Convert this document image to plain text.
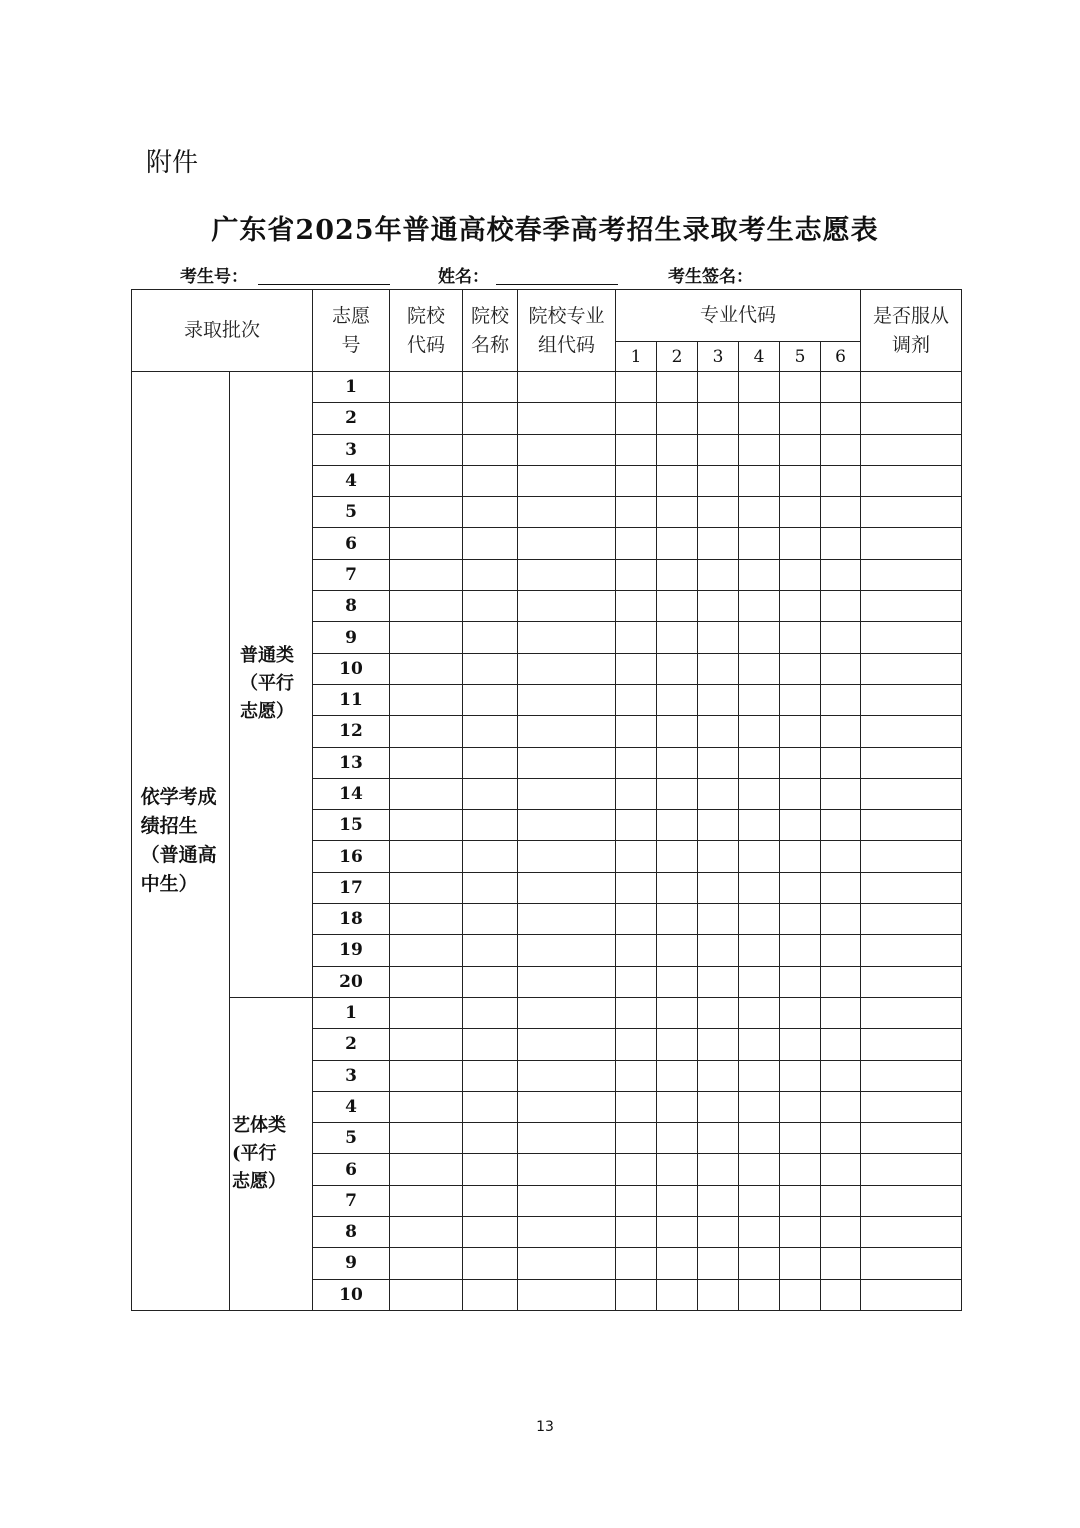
附件
广东省2025年普通高校春季高考招生录取考生志愿表
考生号：	姓名：	考生签名：
录取批次		志愿号	院校代码	院校名称	院校专业组代码	专业代码						是否服从调剂

						1	2	3	4	5	6	

依学考成绩招生（普通高中生）	普通类（平行志愿）	1										
		2										
		3										
		4										
		5										
		6										
		7										
		8										
		9										
		10										
		11										
		12										
		13										
		14										
		15										
		16										
		17										
		18										
		19										
		20										

	艺体类(平行志愿）	1										
		2										
		3										
		4										
		5										
		6										
		7										
		8										
		9										
		10										
13
